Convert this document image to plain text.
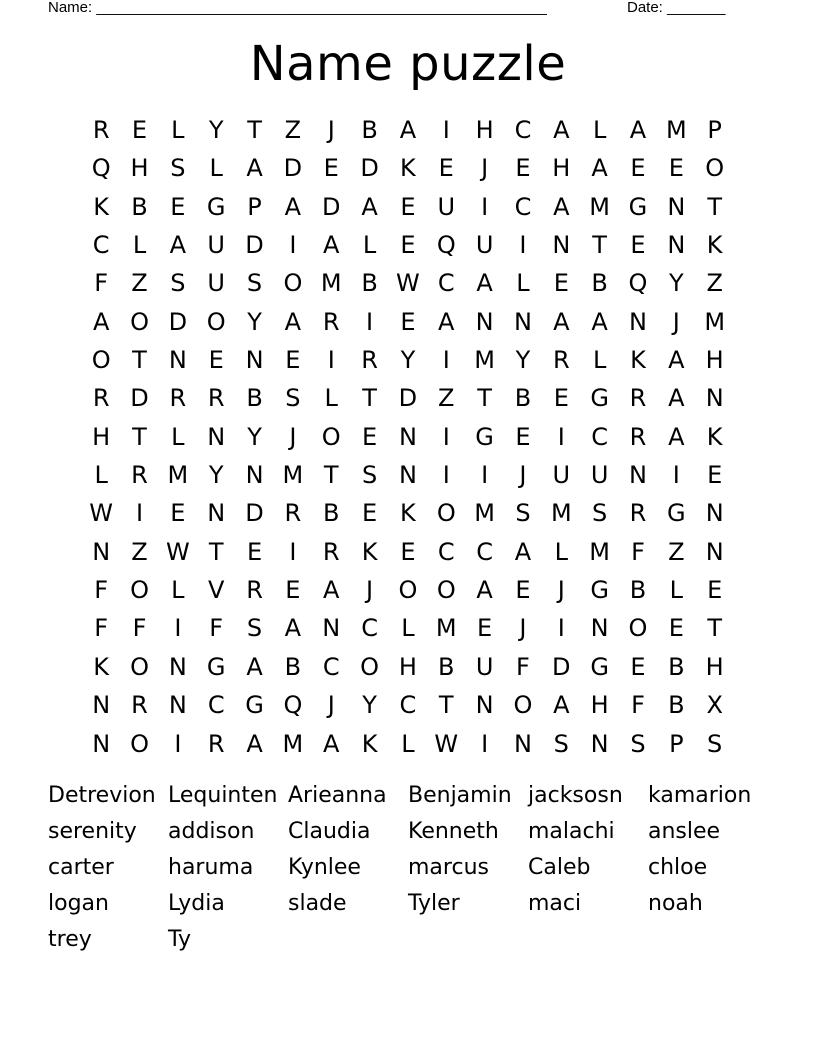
Name: ______________________________________________________	Date: _______
Name puzzle
R E	L	Y T Z	J	B A	I	H C A L A M P
Q H S	L A D E D K E	J	E H A E E O
K B E G P A D A E U	I	C A M G N T
C L A U D	I	A L	E Q U	I	N T E N K
F Z S U S O M B W C A L	E B Q Y Z
A O D O Y A R	I	E A N N A A N	J	M
O T N E N E	I	R Y	I	M Y R L K A H
R D R R B S	L	T D Z T B E G R A N
H T	L N Y	J	O E N	I	G E	I	C R A K
L R M Y N M T S N	I	I	J	U U N	I	E
W I	E N D R B E K O M S M S R G N
N Z W T E	I	R K E C C A L M F Z N
F O L V R E A	J	O O A E	J	G B L	E
F	F	I	F S A N C L M E	J	I	N O E T
K O N G A B C O H B U F D G E B H
N R N C G Q	J	Y C T N O A H F B X
N O	I	R A M A K L W I	N S N S P S
Detrevion Lequinten Arieanna Benjamin jacksosn	kamarion
serenity	addison	Claudia	Kenneth	malachi	anslee
carter	haruma	Kynlee	marcus	Caleb	chloe
logan	Lydia	slade	Tyler	maci	noah
trey	Ty
